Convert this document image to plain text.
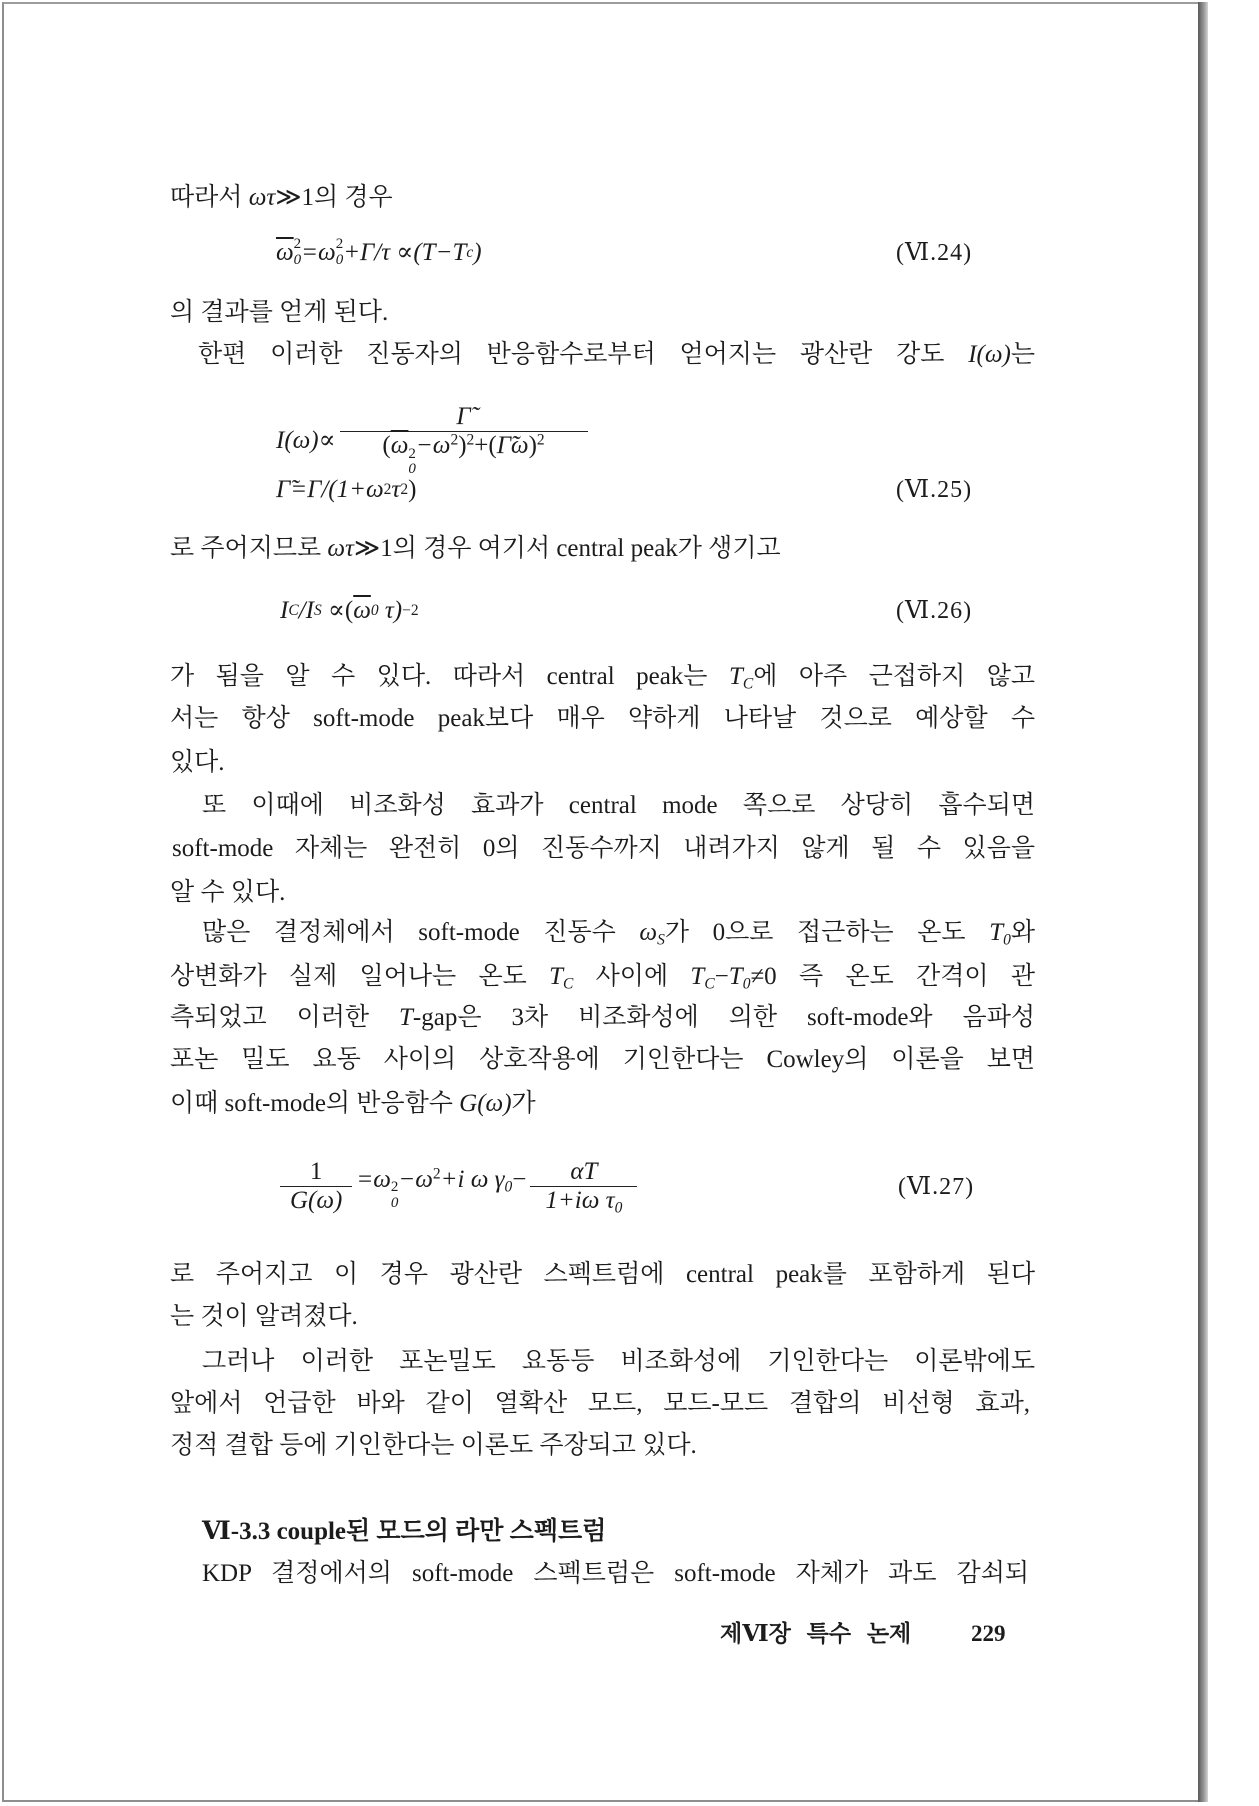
따라서 ωτ≫1의 경우
$\overline{\omega}$ 0
2 =ω 0
2 +Γ/τ ∝(T−T c )	(Ⅵ.24)
의 결과를 얻게 된다.
한편 이러한 진동자의 반응함수로부터 얻어지는 광산란 강도 I(ω)는
I(ω)∝ Γ̃
($\overline{\omega}$
0
$2 -\omega^2)^2+(\Gammã\omega)^2$
Γ̃=Γ/(1+ω 2 τ 2 )	(Ⅵ.25)
로 주어지므로 ωτ≫1의 경우 여기서 central peak가 생기고
I C /I S ∝( $\overline{\omega}$ 0 τ) −2	(Ⅵ.26)
가 됨을 알 수 있다. 따라서 central peak는 TC에 아주 근접하지 않고
서는 항상 soft-mode peak보다 매우 약하게 나타날 것으로 예상할 수
있다.
또 이때에 비조화성 효과가 central mode 쪽으로 상당히 흡수되면
soft-mode 자체는 완전히 0의 진동수까지 내려가지 않게 될 수 있음을
알 수 있다.
많은 결정체에서 soft-mode 진동수 ωS가 0으로 접근하는 온도 T0와
상변화가 실제 일어나는 온도 TC 사이에 TC−T0≠0 즉 온도 간격이 관
측되었고 이러한 T-gap은 3차 비조화성에 의한 soft-mode와 음파성
포논 밀도 요동 사이의 상호작용에 기인한다는 Cowley의 이론을 보면
이때 soft-mode의 반응함수 G(ω)가
$\frac{1}{G(\omega)} =\omega$
0
$2 -\omega^2+i$ ω $\gamma 0- \frac{\alpha T}{\text{1+iω τ0}}$	(Ⅵ.27)
로 주어지고 이 경우 광산란 스펙트럼에 central peak를 포함하게 된다
는 것이 알려졌다.
그러나 이러한 포논밀도 요동등 비조화성에 기인한다는 이론밖에도
앞에서 언급한 바와 같이 열확산 모드, 모드-모드 결합의 비선형 효과,
정적 결합 등에 기인한다는 이론도 주장되고 있다.
Ⅵ-3.3 couple된 모드의 라만 스펙트럼
KDP 결정에서의 soft-mode 스펙트럼은 soft-mode 자체가 과도 감쇠되
제Ⅵ장 특수 논제	229
